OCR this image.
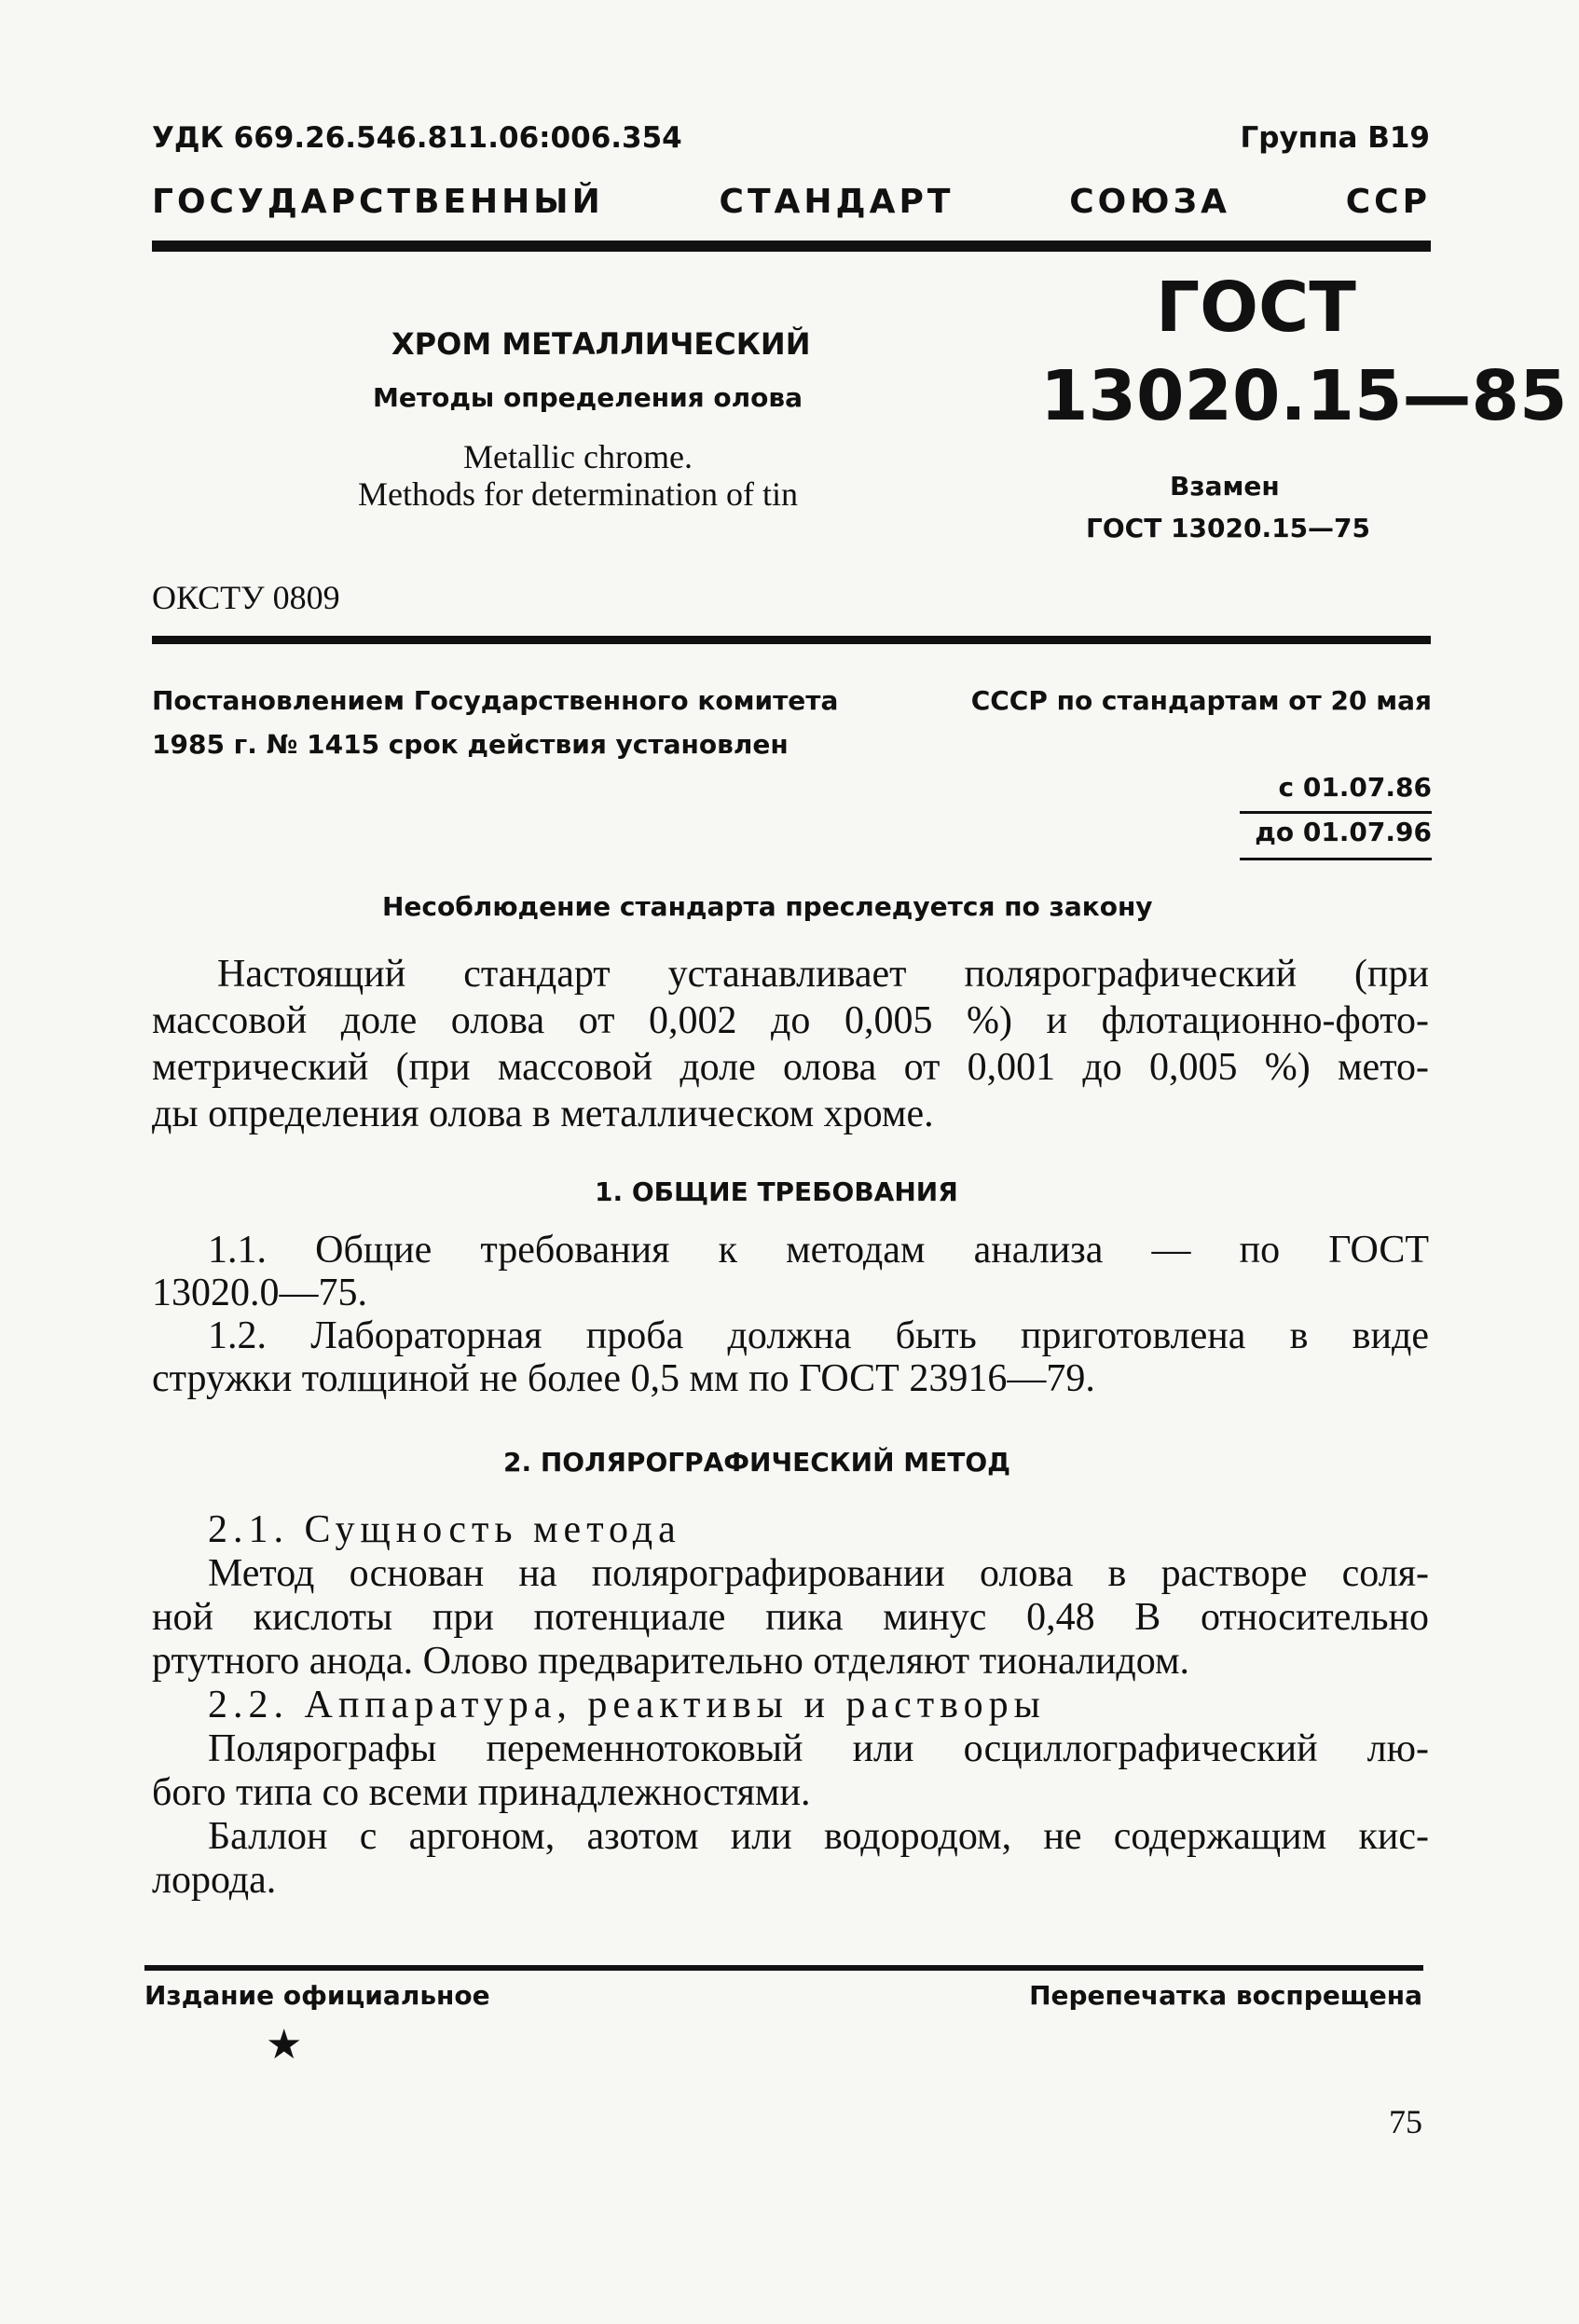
УДК 669.26.546.811.06:006.354	Группа В19
ГОСУДАРСТВЕННЫЙ СТАНДАРТ СОЮЗА ССР
ХРОМ МЕТАЛЛИЧЕСКИЙ
Методы определения олова
Metallic chrome.
Methods for determination of tin
ГОСТ
13020.15—85
Взамен
ГОСТ 13020.15—75
ОКСТУ 0809
Постановлением Государственного комитета	СССР по стандартам от 20 мая
1985 г. № 1415 срок действия установлен
с 01.07.86
до 01.07.96
Несоблюдение стандарта преследуется по закону
Настоящий стандарт устанавливает полярографический (при
массовой доле олова от 0,002 до 0,005 %) и флотационно-фото-
метрический (при массовой доле олова от 0,001 до 0,005 %) мето-
ды определения олова в металлическом хроме.
1. ОБЩИЕ ТРЕБОВАНИЯ
1.1. Общие требования к методам анализа — по ГОСТ
13020.0—75.
1.2. Лабораторная проба должна быть приготовлена в виде
стружки толщиной не более 0,5 мм по ГОСТ 23916—79.
2. ПОЛЯРОГРАФИЧЕСКИЙ МЕТОД
2.1. Сущность метода
Метод основан на полярографировании олова в растворе соля-
ной кислоты при потенциале пика минус 0,48 В относительно
ртутного анода. Олово предварительно отделяют тионалидом.
2.2. Аппаратура, реактивы и растворы
Полярографы переменнотоковый или осциллографический лю-
бого типа со всеми принадлежностями.
Баллон с аргоном, азотом или водородом, не содержащим кис-
лорода.
Издание официальное	Перепечатка воспрещена
★
75
